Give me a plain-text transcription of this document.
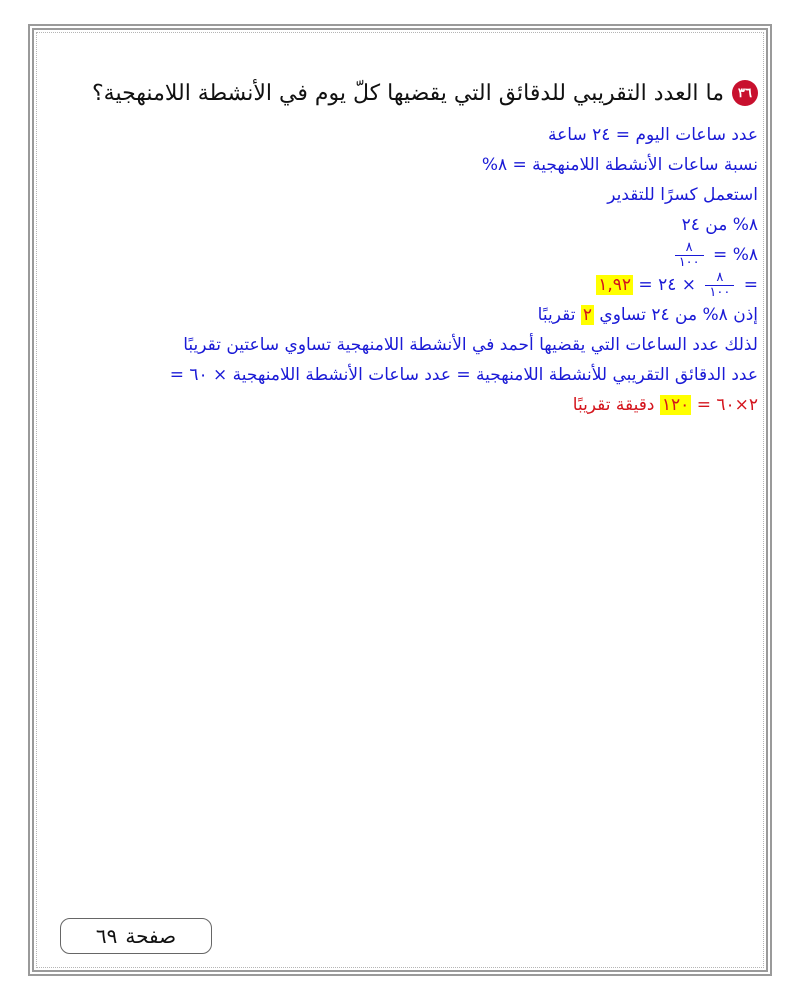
٣٦
ما العدد التقريبي للدقائق التي يقضيها كلّ يوم في الأنشطة اللامنهجية؟
عدد ساعات اليوم = ٢٤ ساعة
نسبة ساعات الأنشطة اللامنهجية = ٨%
استعمل كسرًا للتقدير
٨% من ٢٤
٨% =
$\frac{٨}{١٠٠}$
=
$\frac{٨}{١٠٠}$
× ٢٤ = ١,٩٢
إذن ٨% من ٢٤ تساوي ٢ تقريبًا
لذلك عدد الساعات التي يقضيها أحمد في الأنشطة اللامنهجية تساوي ساعتين تقريبًا
عدد الدقائق التقريبي للأنشطة اللامنهجية = عدد ساعات الأنشطة اللامنهجية × ٦٠ =
٢×٦٠ = ١٢٠ دقيقة تقريبًا
صفحة
٦٩
